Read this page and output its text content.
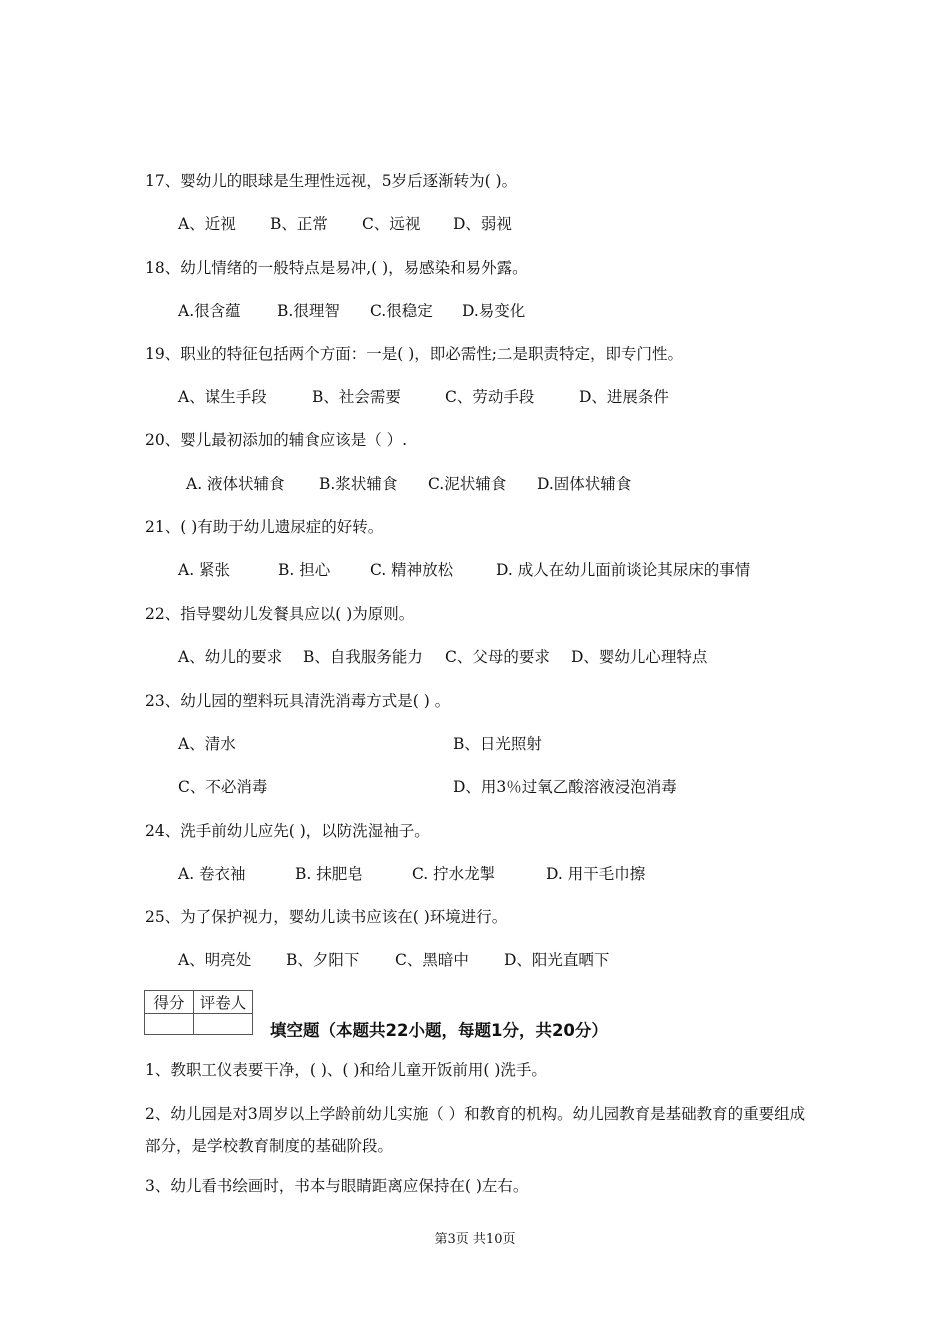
17、婴幼儿的眼球是生理性远视，5岁后逐渐转为( )。
A、近视 B、正常 C、远视 D、弱视
18、幼儿情绪的一般特点是易冲,( )，易感染和易外露。
A.很含蕴 B.很理智 C.很稳定 D.易变化
19、职业的特征包括两个方面：一是( )，即必需性;二是职责特定，即专门性。
A、谋生手段	B、社会需要	C、劳动手段	D、进展条件
20、婴儿最初添加的辅食应该是（ ）.
A. 液体状辅食 B.浆状辅食 C.泥状辅食 D.固体状辅食
21、( )有助于幼儿遗尿症的好转。
A. 紧张	B. 担心	C. 精神放松	D. 成人在幼儿面前谈论其尿床的事情
22、指导婴幼儿发餐具应以( )为原则。
A、幼儿的要求 B、自我服务能力 C、父母的要求 D、婴幼儿心理特点
23、幼儿园的塑料玩具清洗消毒方式是( ) 。
A、清水	B、日光照射
C、不必消毒	D、用3％过氧乙酸溶液浸泡消毒
24、洗手前幼儿应先( )，以防洗湿袖子。
A. 卷衣袖	B. 抹肥皂	C. 拧水龙掣	D. 用干毛巾擦
25、为了保护视力，婴幼儿读书应该在( )环境进行。
A、明亮处 B、夕阳下 C、黑暗中 D、阳光直晒下
得分	评卷人

填空题（本题共22小题，每题1分，共20分）
1、教职工仪表要干净，( )、( )和给儿童开饭前用( )洗手。
2、幼儿园是对3周岁以上学龄前幼儿实施（ ）和教育的机构。幼儿园教育是基础教育的重要组成部分，是学校教育制度的基础阶段。
3、幼儿看书绘画时，书本与眼睛距离应保持在( )左右。
第3页 共10页
